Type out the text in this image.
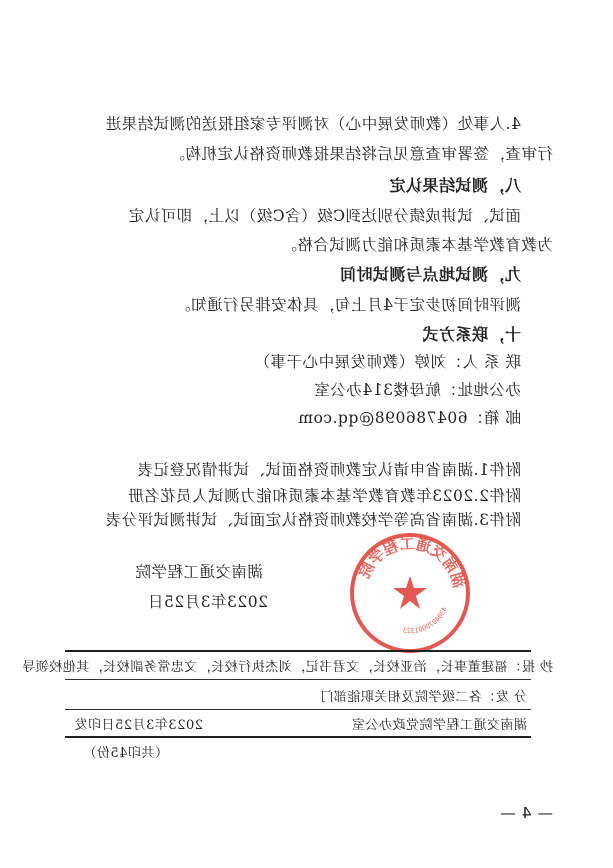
4.人事处（教师发展中心）对测评专家组报送的测试结果进
行审查，签署审查意见后将结果报教师资格认定机构。
八，测试结果认定
面试、试讲成绩分别达到C级（含C级）以上，即可认定
为教育教学基本素质和能力测试合格。
九，测试地点与测试时间
测评时间初步定于4月上旬，具体安排另行通知。
十，联系方式
联 系 人：刘婷（教师发展中心干事）
办公地址：航母楼314办公室
邮 箱：604786098@qq.com
附件1.湖南省申请认定教师资格面试、试讲情况登记表
附件2.2023年教育教学基本素质和能力测试人员花名册
附件3.湖南省高等学校教师资格认定面试、试讲测试评分表
湖南交通工程学院
4304070001323
湖南交通工程学院
2023年3月25日
抄 报：福建董事长，治亚校长，文君书记，刘杰执行校长，文忠常务副校长，其他校领导
分 发：各二级学院及相关职能部门
湖南交通工程学院党政办公室
2023年3月25日印发
（共印45份）
— 4 —
